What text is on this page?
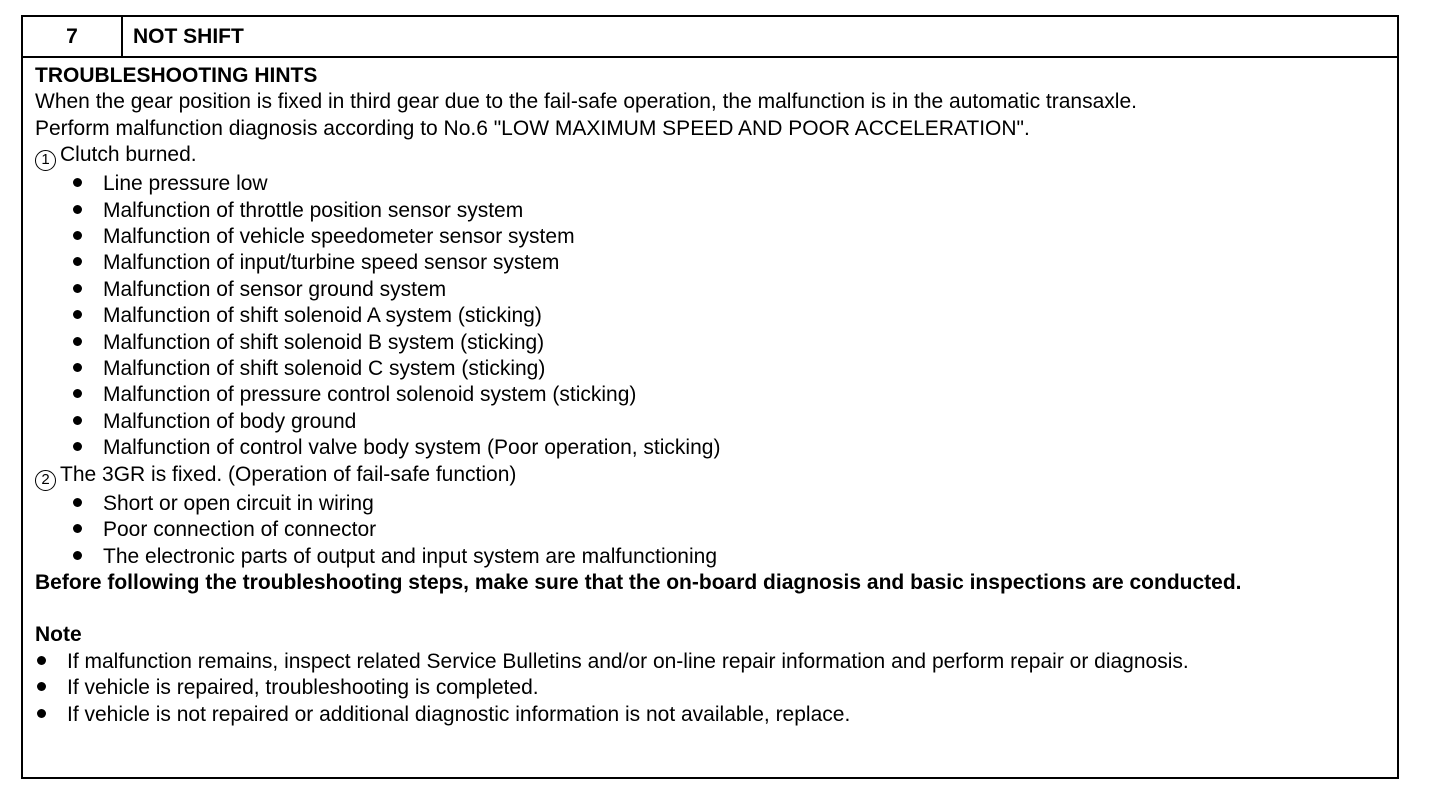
7	NOT SHIFT
TROUBLESHOOTING HINTS
When the gear position is fixed in third gear due to the fail-safe operation, the malfunction is in the automatic transaxle.
Perform malfunction diagnosis according to No.6 "LOW MAXIMUM SPEED AND POOR ACCELERATION".
1 Clutch burned.
Line pressure low
Malfunction of throttle position sensor system
Malfunction of vehicle speedometer sensor system
Malfunction of input/turbine speed sensor system
Malfunction of sensor ground system
Malfunction of shift solenoid A system (sticking)
Malfunction of shift solenoid B system (sticking)
Malfunction of shift solenoid C system (sticking)
Malfunction of pressure control solenoid system (sticking)
Malfunction of body ground
Malfunction of control valve body system (Poor operation, sticking)
2 The 3GR is fixed. (Operation of fail-safe function)
Short or open circuit in wiring
Poor connection of connector
The electronic parts of output and input system are malfunctioning
Before following the troubleshooting steps, make sure that the on-board diagnosis and basic inspections are conducted.
Note
If malfunction remains, inspect related Service Bulletins and/or on-line repair information and perform repair or diagnosis.
If vehicle is repaired, troubleshooting is completed.
If vehicle is not repaired or additional diagnostic information is not available, replace.
